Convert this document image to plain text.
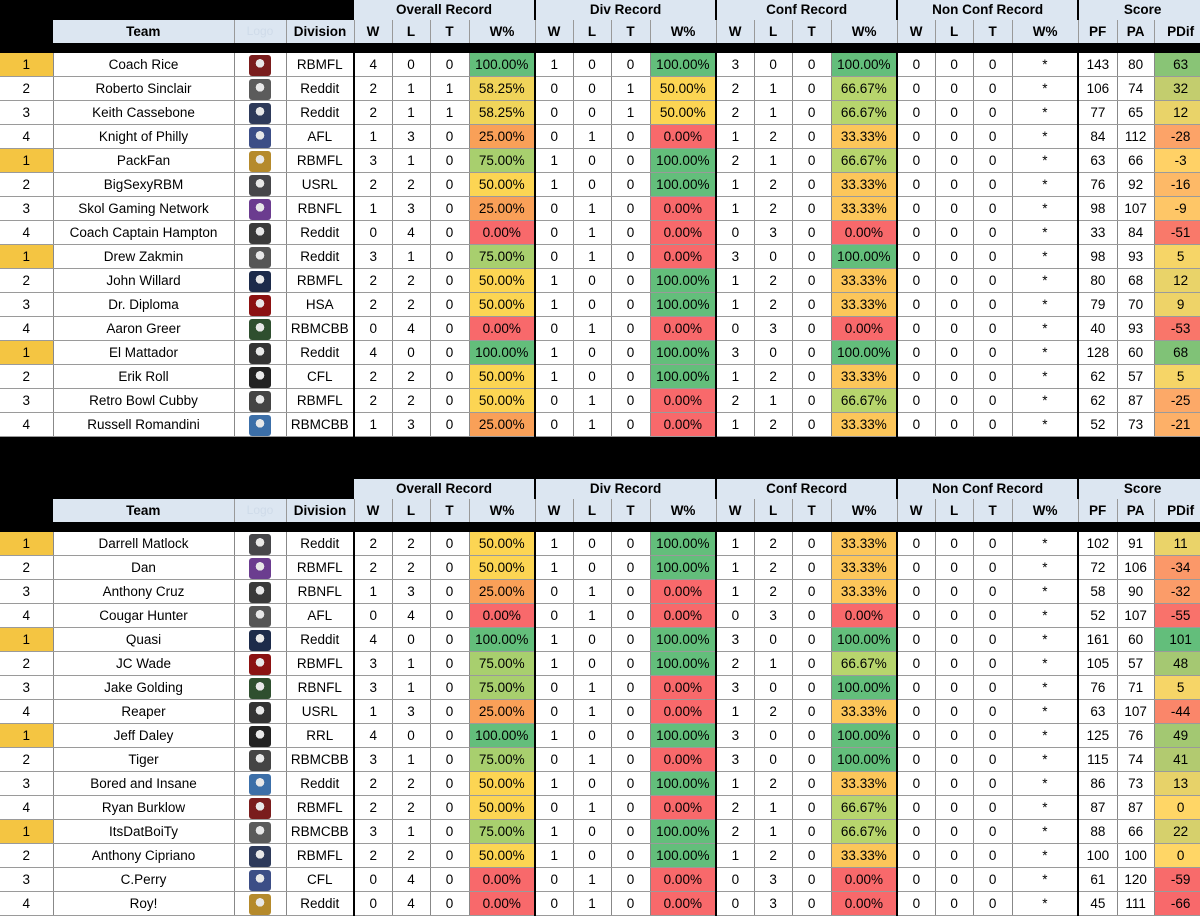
				Overall Record				Div Record				Conf Record				Non Conf Record				Score		
	Team	Logo	Division	W	L	T	W%	W	L	T	W%	W	L	T	W%	W	L	T	W%	PF	PA	PDif

1	Coach Rice		RBMFL	4	0	0	100.00%	1	0	0	100.00%	3	0	0	100.00%	0	0	0	*	143	80	63
2	Roberto Sinclair		Reddit	2	1	1	58.25%	0	0	1	50.00%	2	1	0	66.67%	0	0	0	*	106	74	32
3	Keith Cassebone		Reddit	2	1	1	58.25%	0	0	1	50.00%	2	1	0	66.67%	0	0	0	*	77	65	12
4	Knight of Philly		AFL	1	3	0	25.00%	0	1	0	0.00%	1	2	0	33.33%	0	0	0	*	84	112	-28
1	PackFan		RBMFL	3	1	0	75.00%	1	0	0	100.00%	2	1	0	66.67%	0	0	0	*	63	66	-3
2	BigSexyRBM		USRL	2	2	0	50.00%	1	0	0	100.00%	1	2	0	33.33%	0	0	0	*	76	92	-16
3	Skol Gaming Network		RBNFL	1	3	0	25.00%	0	1	0	0.00%	1	2	0	33.33%	0	0	0	*	98	107	-9
4	Coach Captain Hampton		Reddit	0	4	0	0.00%	0	1	0	0.00%	0	3	0	0.00%	0	0	0	*	33	84	-51
1	Drew Zakmin		Reddit	3	1	0	75.00%	0	1	0	0.00%	3	0	0	100.00%	0	0	0	*	98	93	5
2	John Willard		RBMFL	2	2	0	50.00%	1	0	0	100.00%	1	2	0	33.33%	0	0	0	*	80	68	12
3	Dr. Diploma		HSA	2	2	0	50.00%	1	0	0	100.00%	1	2	0	33.33%	0	0	0	*	79	70	9
4	Aaron Greer		RBMCBB	0	4	0	0.00%	0	1	0	0.00%	0	3	0	0.00%	0	0	0	*	40	93	-53
1	El Mattador		Reddit	4	0	0	100.00%	1	0	0	100.00%	3	0	0	100.00%	0	0	0	*	128	60	68
2	Erik Roll		CFL	2	2	0	50.00%	1	0	0	100.00%	1	2	0	33.33%	0	0	0	*	62	57	5
3	Retro Bowl Cubby		RBMFL	2	2	0	50.00%	0	1	0	0.00%	2	1	0	66.67%	0	0	0	*	62	87	-25
4	Russell Romandini		RBMCBB	1	3	0	25.00%	0	1	0	0.00%	1	2	0	33.33%	0	0	0	*	52	73	-21
				Overall Record				Div Record				Conf Record				Non Conf Record				Score		
	Team	Logo	Division	W	L	T	W%	W	L	T	W%	W	L	T	W%	W	L	T	W%	PF	PA	PDif

1	Darrell Matlock		Reddit	2	2	0	50.00%	1	0	0	100.00%	1	2	0	33.33%	0	0	0	*	102	91	11
2	Dan		RBMFL	2	2	0	50.00%	1	0	0	100.00%	1	2	0	33.33%	0	0	0	*	72	106	-34
3	Anthony Cruz		RBNFL	1	3	0	25.00%	0	1	0	0.00%	1	2	0	33.33%	0	0	0	*	58	90	-32
4	Cougar Hunter		AFL	0	4	0	0.00%	0	1	0	0.00%	0	3	0	0.00%	0	0	0	*	52	107	-55
1	Quasi		Reddit	4	0	0	100.00%	1	0	0	100.00%	3	0	0	100.00%	0	0	0	*	161	60	101
2	JC Wade		RBMFL	3	1	0	75.00%	1	0	0	100.00%	2	1	0	66.67%	0	0	0	*	105	57	48
3	Jake Golding		RBNFL	3	1	0	75.00%	0	1	0	0.00%	3	0	0	100.00%	0	0	0	*	76	71	5
4	Reaper		USRL	1	3	0	25.00%	0	1	0	0.00%	1	2	0	33.33%	0	0	0	*	63	107	-44
1	Jeff Daley		RRL	4	0	0	100.00%	1	0	0	100.00%	3	0	0	100.00%	0	0	0	*	125	76	49
2	Tiger		RBMCBB	3	1	0	75.00%	0	1	0	0.00%	3	0	0	100.00%	0	0	0	*	115	74	41
3	Bored and Insane		Reddit	2	2	0	50.00%	1	0	0	100.00%	1	2	0	33.33%	0	0	0	*	86	73	13
4	Ryan Burklow		RBMFL	2	2	0	50.00%	0	1	0	0.00%	2	1	0	66.67%	0	0	0	*	87	87	0
1	ItsDatBoiTy		RBMCBB	3	1	0	75.00%	1	0	0	100.00%	2	1	0	66.67%	0	0	0	*	88	66	22
2	Anthony Cipriano		RBMFL	2	2	0	50.00%	1	0	0	100.00%	1	2	0	33.33%	0	0	0	*	100	100	0
3	C.Perry		CFL	0	4	0	0.00%	0	1	0	0.00%	0	3	0	0.00%	0	0	0	*	61	120	-59
4	Roy!		Reddit	0	4	0	0.00%	0	1	0	0.00%	0	3	0	0.00%	0	0	0	*	45	111	-66
